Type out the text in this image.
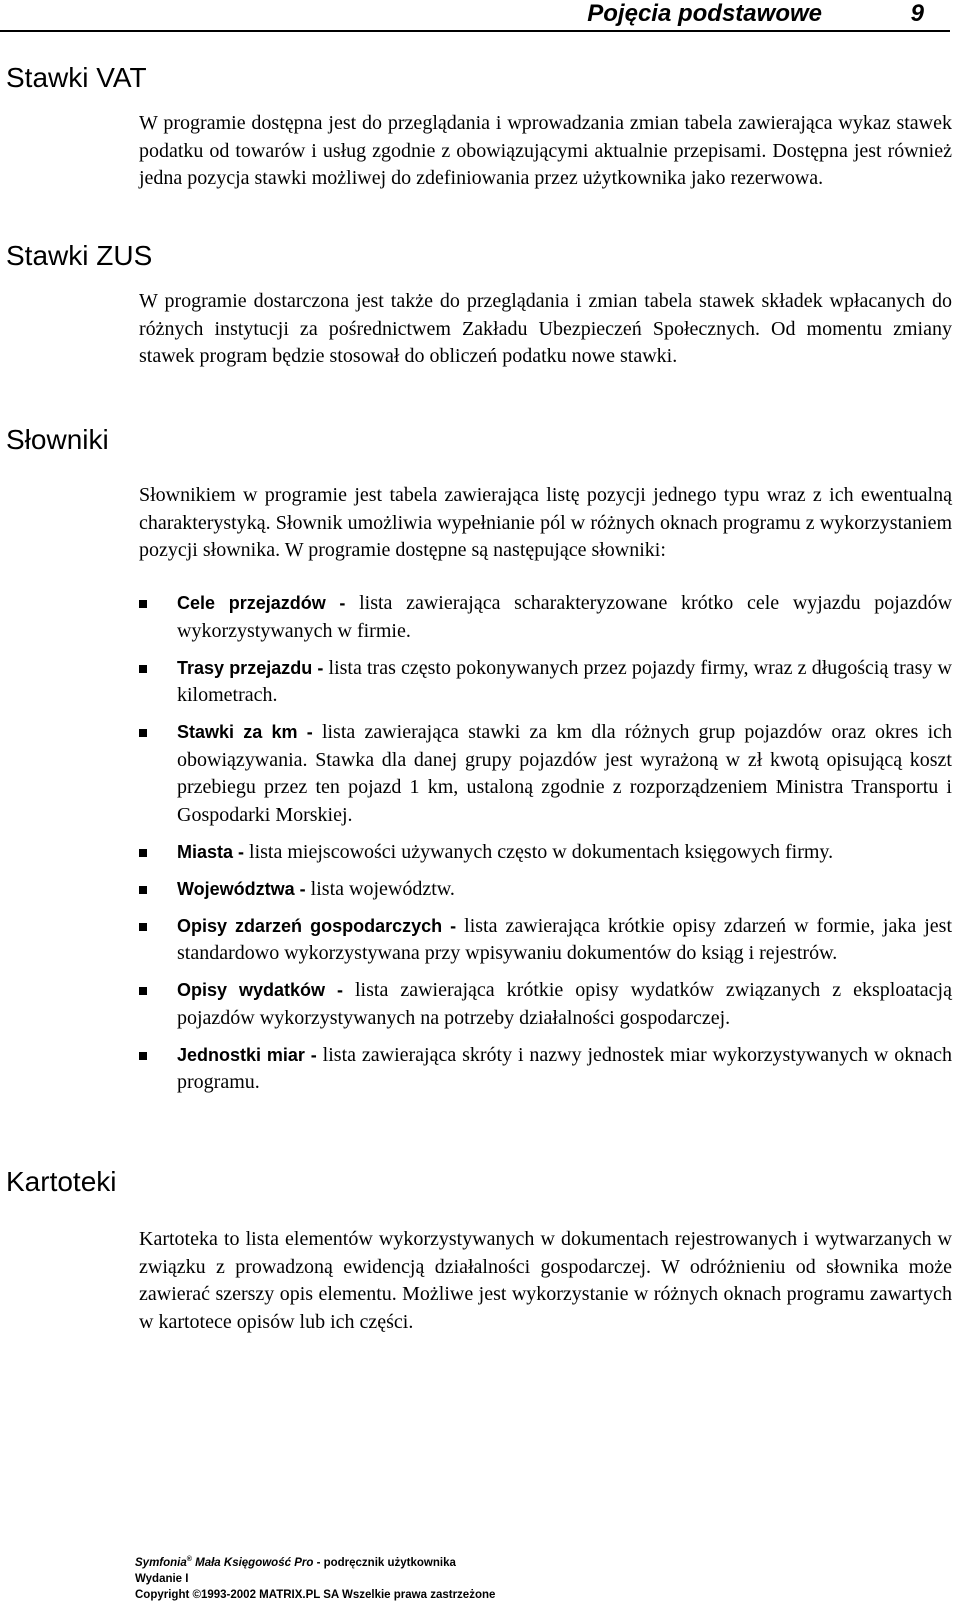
Pojęcia podstawowe	9
Stawki VAT

W programie dostępna jest do przeglądania i wprowadzania zmian tabela zawierająca wykaz stawek podatku od towarów i usług zgodnie z obowiązującymi aktualnie przepisami. Dostępna jest również jedna pozycja stawki możliwej do zdefiniowania przez użytkownika jako rezerwowa.

Stawki ZUS

W programie dostarczona jest także do przeglądania i zmian tabela stawek składek wpłacanych do różnych instytucji za pośrednictwem Zakładu Ubezpieczeń Społecznych. Od momentu zmiany stawek program będzie stosował do obliczeń podatku nowe stawki.

Słowniki

Słownikiem w programie jest tabela zawierająca listę pozycji jednego typu wraz z ich ewentualną charakterystyką. Słownik umożliwia wypełnianie pól w różnych oknach programu z wykorzystaniem pozycji słownika. W programie dostępne są następujące słowniki:

Cele przejazdów - lista zawierająca scharakteryzowane krótko cele wyjazdu pojazdów wykorzystywanych w firmie.
Trasy przejazdu - lista tras często pokonywanych przez pojazdy firmy, wraz z długością trasy w kilometrach.
Stawki za km - lista zawierająca stawki za km dla różnych grup pojazdów oraz okres ich obowiązywania. Stawka dla danej grupy pojazdów jest wyrażoną w zł kwotą opisującą koszt przebiegu przez ten pojazd 1 km, ustaloną zgodnie z rozporządzeniem Ministra Transportu i Gospodarki Morskiej.
Miasta - lista miejscowości używanych często w dokumentach księgowych firmy.
Województwa - lista województw.
Opisy zdarzeń gospodarczych - lista zawierająca krótkie opisy zdarzeń w formie, jaka jest standardowo wykorzystywana przy wpisywaniu dokumentów do ksiąg i rejestrów.
Opisy wydatków - lista zawierająca krótkie opisy wydatków związanych z eksploatacją pojazdów wykorzystywanych na potrzeby działalności gospodarczej.
Jednostki miar - lista zawierająca skróty i nazwy jednostek miar wykorzystywanych w oknach programu.
Kartoteki

Kartoteka to lista elementów wykorzystywanych w dokumentach rejestrowanych i wytwarzanych w związku z prowadzoną ewidencją działalności gospodarczej. W odróżnieniu od słownika może zawierać szerszy opis elementu. Możliwe jest wykorzystanie w różnych oknach programu zawartych w kartotece opisów lub ich części.

Symfonia® Mała Księgowość Pro - podręcznik użytkownika
Wydanie I
Copyright ©1993-2002 MATRIX.PL SA Wszelkie prawa zastrzeżone
